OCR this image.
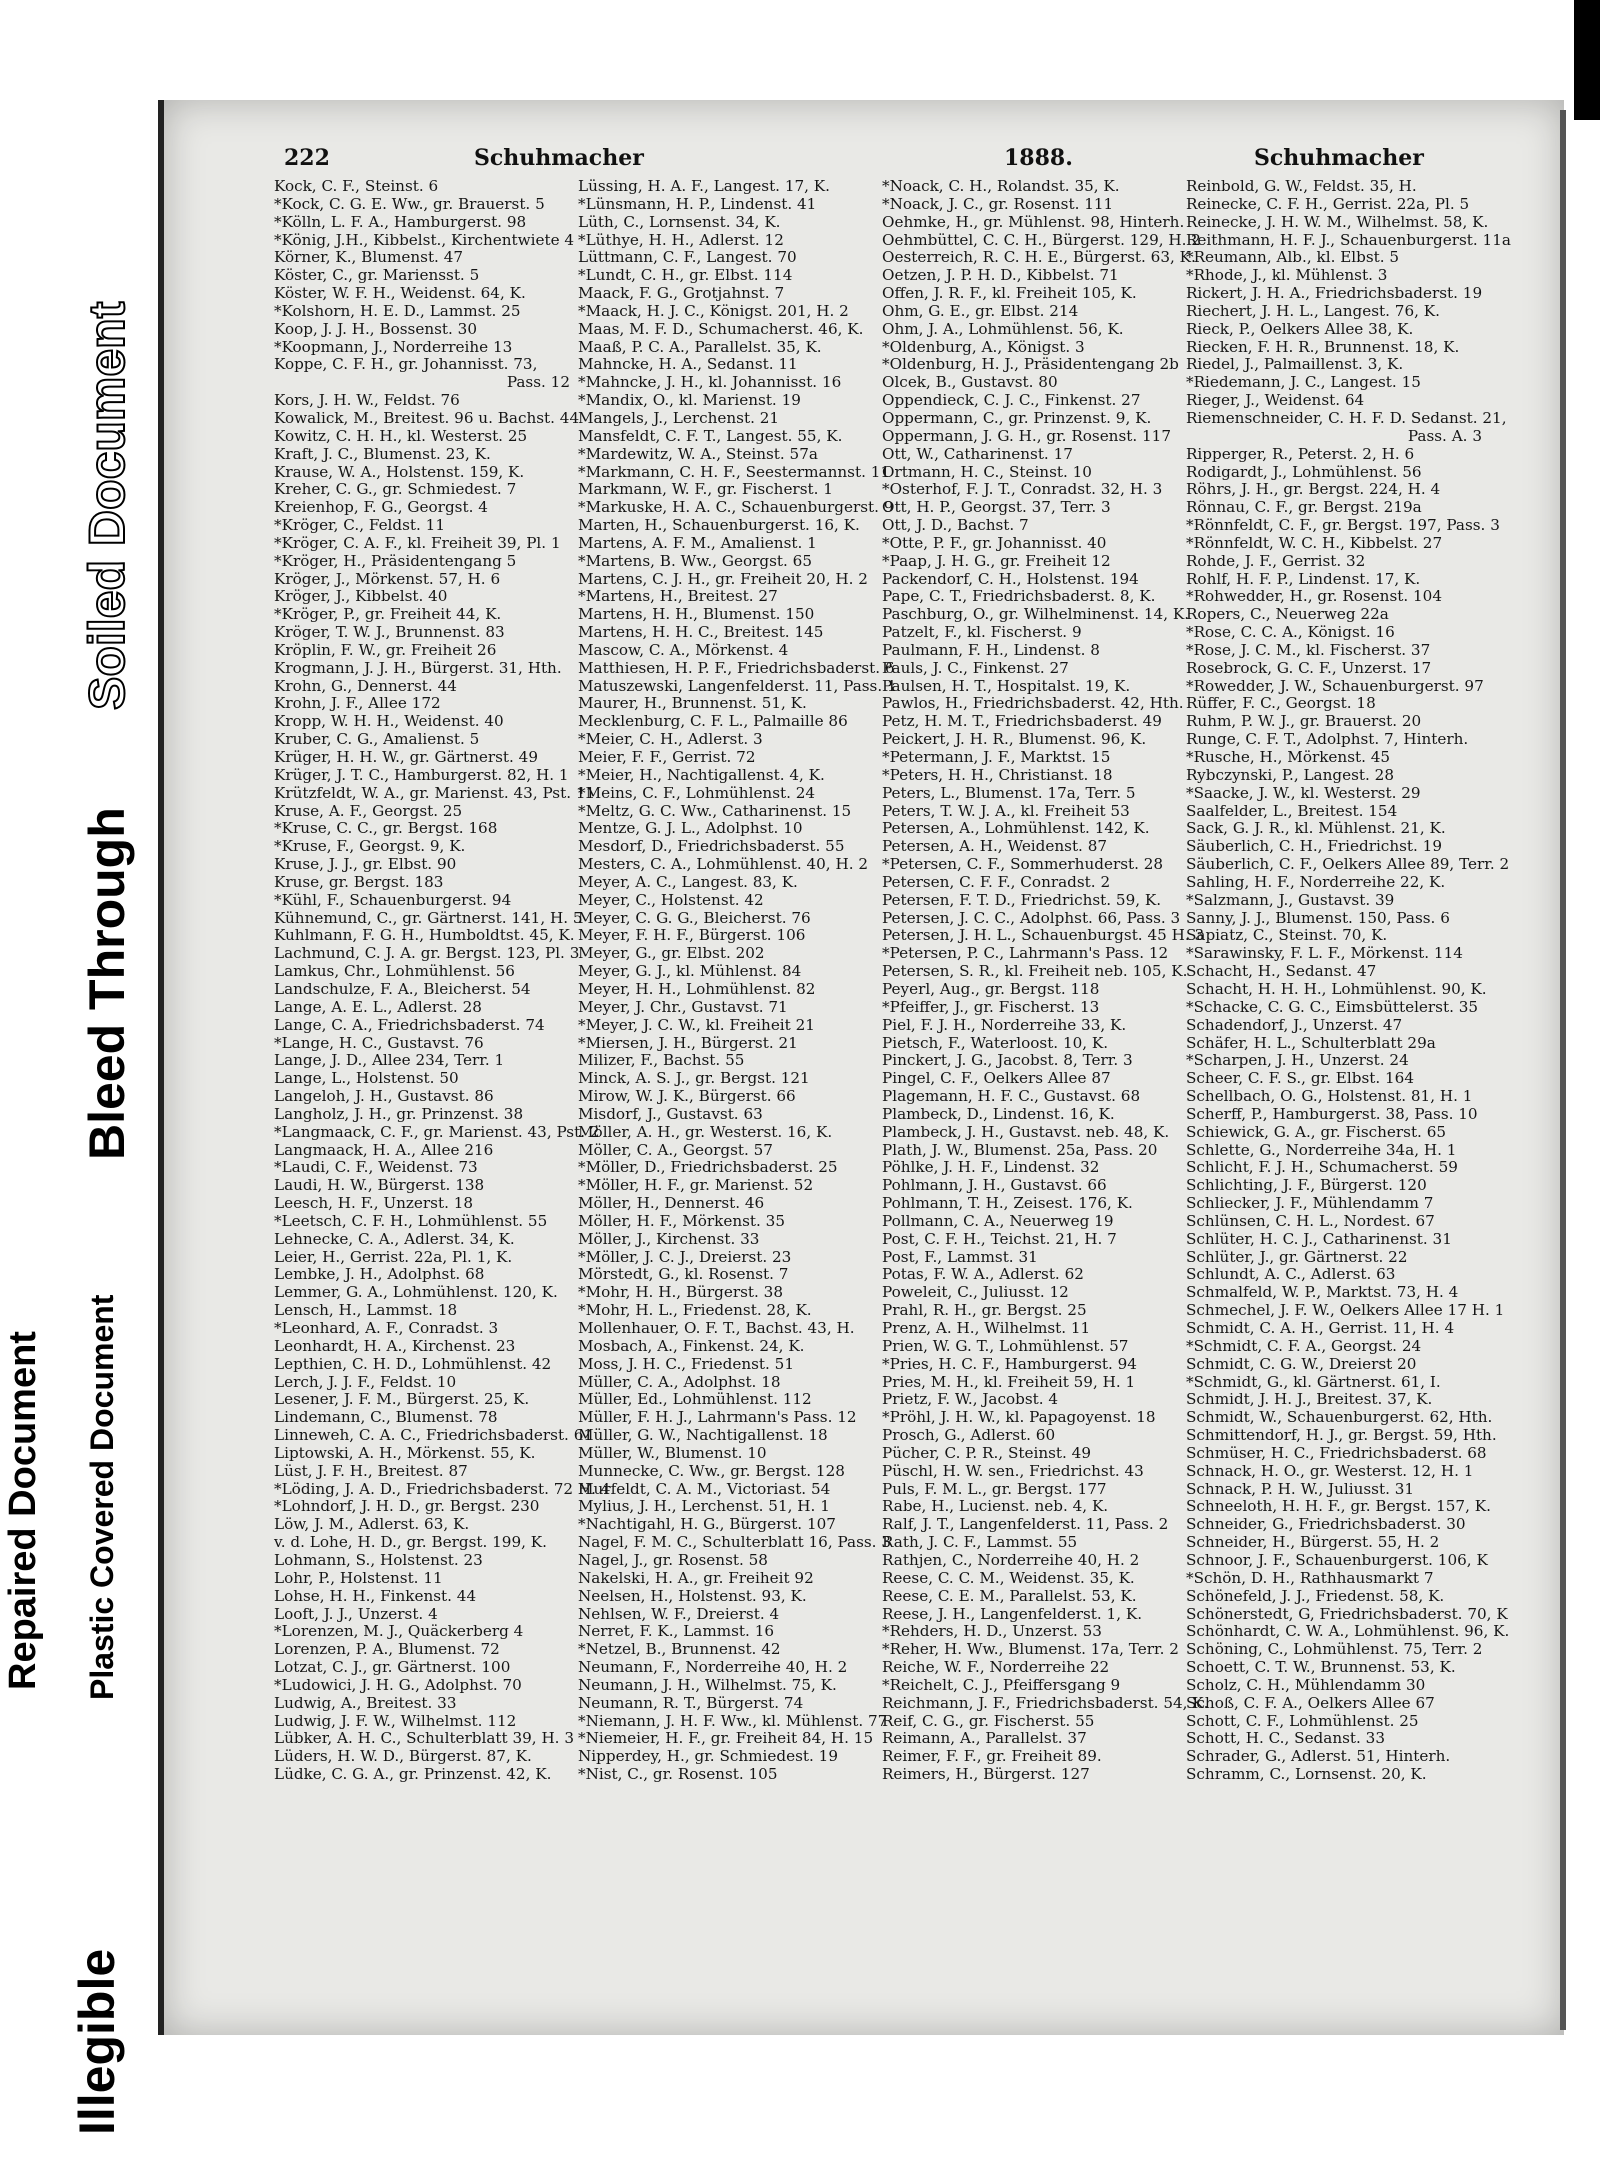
Illegible
Plastic Covered Document
Repaired Document
Bleed Through
Soiled Document
222	Schuhmacher	1888.	Schuhmacher
Kock, C. F., Steinst. 6
*Kock, C. G. E. Ww., gr. Brauerst. 5
*Kölln, L. F. A., Hamburgerst. 98
*König, J.H., Kibbelst., Kirchentwiete 4
Körner, K., Blumenst. 47
Köster, C., gr. Mariensst. 5
Köster, W. F. H., Weidenst. 64, K.
*Kolshorn, H. E. D., Lammst. 25
Koop, J. J. H., Bossenst. 30
*Koopmann, J., Norderreihe 13
Koppe, C. F. H., gr. Johannisst. 73,
Pass. 12
Kors, J. H. W., Feldst. 76
Kowalick, M., Breitest. 96 u. Bachst. 44
Kowitz, C. H. H., kl. Westerst. 25
Kraft, J. C., Blumenst. 23, K.
Krause, W. A., Holstenst. 159, K.
Kreher, C. G., gr. Schmiedest. 7
Kreienhop, F. G., Georgst. 4
*Kröger, C., Feldst. 11
*Kröger, C. A. F., kl. Freiheit 39, Pl. 1
*Kröger, H., Präsidentengang 5
Kröger, J., Mörkenst. 57, H. 6
Kröger, J., Kibbelst. 40
*Kröger, P., gr. Freiheit 44, K.
Kröger, T. W. J., Brunnenst. 83
Kröplin, F. W., gr. Freiheit 26
Krogmann, J. J. H., Bürgerst. 31, Hth.
Krohn, G., Dennerst. 44
Krohn, J. F., Allee 172
Kropp, W. H. H., Weidenst. 40
Kruber, C. G., Amalienst. 5
Krüger, H. H. W., gr. Gärtnerst. 49
Krüger, J. T. C., Hamburgerst. 82, H. 1
Krützfeldt, W. A., gr. Marienst. 43, Pst. 11
Kruse, A. F., Georgst. 25
*Kruse, C. C., gr. Bergst. 168
*Kruse, F., Georgst. 9, K.
Kruse, J. J., gr. Elbst. 90
Kruse, gr. Bergst. 183
*Kühl, F., Schauenburgerst. 94
Kühnemund, C., gr. Gärtnerst. 141, H. 5
Kuhlmann, F. G. H., Humboldtst. 45, K.
Lachmund, C. J. A. gr. Bergst. 123, Pl. 3
Lamkus, Chr., Lohmühlenst. 56
Landschulze, F. A., Bleicherst. 54
Lange, A. E. L., Adlerst. 28
Lange, C. A., Friedrichsbaderst. 74
*Lange, H. C., Gustavst. 76
Lange, J. D., Allee 234, Terr. 1
Lange, L., Holstenst. 50
Langeloh, J. H., Gustavst. 86
Langholz, J. H., gr. Prinzenst. 38
*Langmaack, C. F., gr. Marienst. 43, Pst. 2
Langmaack, H. A., Allee 216
*Laudi, C. F., Weidenst. 73
Laudi, H. W., Bürgerst. 138
Leesch, H. F., Unzerst. 18
*Leetsch, C. F. H., Lohmühlenst. 55
Lehnecke, C. A., Adlerst. 34, K.
Leier, H., Gerrist. 22a, Pl. 1, K.
Lembke, J. H., Adolphst. 68
Lemmer, G. A., Lohmühlenst. 120, K.
Lensch, H., Lammst. 18
*Leonhard, A. F., Conradst. 3
Leonhardt, H. A., Kirchenst. 23
Lepthien, C. H. D., Lohmühlenst. 42
Lerch, J. J. F., Feldst. 10
Lesener, J. F. M., Bürgerst. 25, K.
Lindemann, C., Blumenst. 78
Linneweh, C. A. C., Friedrichsbaderst. 61
Liptowski, A. H., Mörkenst. 55, K.
Lüst, J. F. H., Breitest. 87
*Löding, J. A. D., Friedrichsbaderst. 72 H. 4
*Lohndorf, J. H. D., gr. Bergst. 230
Löw, J. M., Adlerst. 63, K.
v. d. Lohe, H. D., gr. Bergst. 199, K.
Lohmann, S., Holstenst. 23
Lohr, P., Holstenst. 11
Lohse, H. H., Finkenst. 44
Looft, J. J., Unzerst. 4
*Lorenzen, M. J., Quäckerberg 4
Lorenzen, P. A., Blumenst. 72
Lotzat, C. J., gr. Gärtnerst. 100
*Ludowici, J. H. G., Adolphst. 70
Ludwig, A., Breitest. 33
Ludwig, J. F. W., Wilhelmst. 112
Lübker, A. H. C., Schulterblatt 39, H. 3
Lüders, H. W. D., Bürgerst. 87, K.
Lüdke, C. G. A., gr. Prinzenst. 42, K.
Lüssing, H. A. F., Langest. 17, K.
*Lünsmann, H. P., Lindenst. 41
Lüth, C., Lornsenst. 34, K.
*Lüthye, H. H., Adlerst. 12
Lüttmann, C. F., Langest. 70
*Lundt, C. H., gr. Elbst. 114
Maack, F. G., Grotjahnst. 7
*Maack, H. J. C., Königst. 201, H. 2
Maas, M. F. D., Schumacherst. 46, K.
Maaß, P. C. A., Parallelst. 35, K.
Mahncke, H. A., Sedanst. 11
*Mahncke, J. H., kl. Johannisst. 16
*Mandix, O., kl. Marienst. 19
Mangels, J., Lerchenst. 21
Mansfeldt, C. F. T., Langest. 55, K.
*Mardewitz, W. A., Steinst. 57a
*Markmann, C. H. F., Seestermannst. 11
Markmann, W. F., gr. Fischerst. 1
*Markuske, H. A. C., Schauenburgerst. 9
Marten, H., Schauenburgerst. 16, K.
Martens, A. F. M., Amalienst. 1
*Martens, B. Ww., Georgst. 65
Martens, C. J. H., gr. Freiheit 20, H. 2
*Martens, H., Breitest. 27
Martens, H. H., Blumenst. 150
Martens, H. H. C., Breitest. 145
Mascow, C. A., Mörkenst. 4
Matthiesen, H. P. F., Friedrichsbaderst. 6
Matuszewski, Langenfelderst. 11, Pass. 1
Maurer, H., Brunnenst. 51, K.
Mecklenburg, C. F. L., Palmaille 86
*Meier, C. H., Adlerst. 3
Meier, F. F., Gerrist. 72
*Meier, H., Nachtigallenst. 4, K.
*Meins, C. F., Lohmühlenst. 24
*Meltz, G. C. Ww., Catharinenst. 15
Mentze, G. J. L., Adolphst. 10
Mesdorf, D., Friedrichsbaderst. 55
Mesters, C. A., Lohmühlenst. 40, H. 2
Meyer, A. C., Langest. 83, K.
Meyer, C., Holstenst. 42
Meyer, C. G. G., Bleicherst. 76
Meyer, F. H. F., Bürgerst. 106
Meyer, G., gr. Elbst. 202
Meyer, G. J., kl. Mühlenst. 84
Meyer, H. H., Lohmühlenst. 82
Meyer, J. Chr., Gustavst. 71
*Meyer, J. C. W., kl. Freiheit 21
*Miersen, J. H., Bürgerst. 21
Milizer, F., Bachst. 55
Minck, A. S. J., gr. Bergst. 121
Mirow, W. J. K., Bürgerst. 66
Misdorf, J., Gustavst. 63
Möller, A. H., gr. Westerst. 16, K.
Möller, C. A., Georgst. 57
*Möller, D., Friedrichsbaderst. 25
*Möller, H. F., gr. Marienst. 52
Möller, H., Dennerst. 46
Möller, H. F., Mörkenst. 35
Möller, J., Kirchenst. 33
*Möller, J. C. J., Dreierst. 23
Mörstedt, G., kl. Rosenst. 7
*Mohr, H. H., Bürgerst. 38
*Mohr, H. L., Friedenst. 28, K.
Mollenhauer, O. F. T., Bachst. 43, H.
Mosbach, A., Finkenst. 24, K.
Moss, J. H. C., Friedenst. 51
Müller, C. A., Adolphst. 18
Müller, Ed., Lohmühlenst. 112
Müller, F. H. J., Lahrmann's Pass. 12
Müller, G. W., Nachtigallenst. 18
Müller, W., Blumenst. 10
Munnecke, C. Ww., gr. Bergst. 128
Murfeldt, C. A. M., Victoriast. 54
Mylius, J. H., Lerchenst. 51, H. 1
*Nachtigahl, H. G., Bürgerst. 107
Nagel, F. M. C., Schulterblatt 16, Pass. 3
Nagel, J., gr. Rosenst. 58
Nakelski, H. A., gr. Freiheit 92
Neelsen, H., Holstenst. 93, K.
Nehlsen, W. F., Dreierst. 4
Nerret, F. K., Lammst. 16
*Netzel, B., Brunnenst. 42
Neumann, F., Norderreihe 40, H. 2
Neumann, J. H., Wilhelmst. 75, K.
Neumann, R. T., Bürgerst. 74
*Niemann, J. H. F. Ww., kl. Mühlenst. 77
*Niemeier, H. F., gr. Freiheit 84, H. 15
Nipperdey, H., gr. Schmiedest. 19
*Nist, C., gr. Rosenst. 105
*Noack, C. H., Rolandst. 35, K.
*Noack, J. C., gr. Rosenst. 111
Oehmke, H., gr. Mühlenst. 98, Hinterh.
Oehmbüttel, C. C. H., Bürgerst. 129, H. 2
Oesterreich, R. C. H. E., Bürgerst. 63, K.
Oetzen, J. P. H. D., Kibbelst. 71
Offen, J. R. F., kl. Freiheit 105, K.
Ohm, G. E., gr. Elbst. 214
Ohm, J. A., Lohmühlenst. 56, K.
*Oldenburg, A., Königst. 3
*Oldenburg, H. J., Präsidentengang 2b
Olcek, B., Gustavst. 80
Oppendieck, C. J. C., Finkenst. 27
Oppermann, C., gr. Prinzenst. 9, K.
Oppermann, J. G. H., gr. Rosenst. 117
Ott, W., Catharinenst. 17
Ortmann, H. C., Steinst. 10
*Osterhof, F. J. T., Conradst. 32, H. 3
Ott, H. P., Georgst. 37, Terr. 3
Ott, J. D., Bachst. 7
*Otte, P. F., gr. Johannisst. 40
*Paap, J. H. G., gr. Freiheit 12
Packendorf, C. H., Holstenst. 194
Pape, C. T., Friedrichsbaderst. 8, K.
Paschburg, O., gr. Wilhelminenst. 14, K.
Patzelt, F., kl. Fischerst. 9
Paulmann, F. H., Lindenst. 8
Pauls, J. C., Finkenst. 27
Paulsen, H. T., Hospitalst. 19, K.
Pawlos, H., Friedrichsbaderst. 42, Hth.
Petz, H. M. T., Friedrichsbaderst. 49
Peickert, J. H. R., Blumenst. 96, K.
*Petermann, J. F., Marktst. 15
*Peters, H. H., Christianst. 18
Peters, L., Blumenst. 17a, Terr. 5
Peters, T. W. J. A., kl. Freiheit 53
Petersen, A., Lohmühlenst. 142, K.
Petersen, A. H., Weidenst. 87
*Petersen, C. F., Sommerhuderst. 28
Petersen, C. F. F., Conradst. 2
Petersen, F. T. D., Friedrichst. 59, K.
Petersen, J. C. C., Adolphst. 66, Pass. 3
Petersen, J. H. L., Schauenburgst. 45 H. 3
*Petersen, P. C., Lahrmann's Pass. 12
Petersen, S. R., kl. Freiheit neb. 105, K.
Peyerl, Aug., gr. Bergst. 118
*Pfeiffer, J., gr. Fischerst. 13
Piel, F. J. H., Norderreihe 33, K.
Pietsch, F., Waterloost. 10, K.
Pinckert, J. G., Jacobst. 8, Terr. 3
Pingel, C. F., Oelkers Allee 87
Plagemann, H. F. C., Gustavst. 68
Plambeck, D., Lindenst. 16, K.
Plambeck, J. H., Gustavst. neb. 48, K.
Plath, J. W., Blumenst. 25a, Pass. 20
Pöhlke, J. H. F., Lindenst. 32
Pohlmann, J. H., Gustavst. 66
Pohlmann, T. H., Zeisest. 176, K.
Pollmann, C. A., Neuerweg 19
Post, C. F. H., Teichst. 21, H. 7
Post, F., Lammst. 31
Potas, F. W. A., Adlerst. 62
Poweleit, C., Juliusst. 12
Prahl, R. H., gr. Bergst. 25
Prenz, A. H., Wilhelmst. 11
Prien, W. G. T., Lohmühlenst. 57
*Pries, H. C. F., Hamburgerst. 94
Pries, M. H., kl. Freiheit 59, H. 1
Prietz, F. W., Jacobst. 4
*Pröhl, J. H. W., kl. Papagoyenst. 18
Prosch, G., Adlerst. 60
Pücher, C. P. R., Steinst. 49
Püschl, H. W. sen., Friedrichst. 43
Puls, F. M. L., gr. Bergst. 177
Rabe, H., Lucienst. neb. 4, K.
Ralf, J. T., Langenfelderst. 11, Pass. 2
Rath, J. C. F., Lammst. 55
Rathjen, C., Norderreihe 40, H. 2
Reese, C. C. M., Weidenst. 35, K.
Reese, C. E. M., Parallelst. 53, K.
Reese, J. H., Langenfelderst. 1, K.
*Rehders, H. D., Unzerst. 53
*Reher, H. Ww., Blumenst. 17a, Terr. 2
Reiche, W. F., Norderreihe 22
*Reichelt, C. J., Pfeiffersgang 9
Reichmann, J. F., Friedrichsbaderst. 54, K.
Reif, C. G., gr. Fischerst. 55
Reimann, A., Parallelst. 37
Reimer, F. F., gr. Freiheit 89.
Reimers, H., Bürgerst. 127
Reinbold, G. W., Feldst. 35, H.
Reinecke, C. F. H., Gerrist. 22a, Pl. 5
Reinecke, J. H. W. M., Wilhelmst. 58, K.
Reithmann, H. F. J., Schauenburgerst. 11a
*Reumann, Alb., kl. Elbst. 5
*Rhode, J., kl. Mühlenst. 3
Rickert, J. H. A., Friedrichsbaderst. 19
Riechert, J. H. L., Langest. 76, K.
Rieck, P., Oelkers Allee 38, K.
Riecken, F. H. R., Brunnenst. 18, K.
Riedel, J., Palmaillenst. 3, K.
*Riedemann, J. C., Langest. 15
Rieger, J., Weidenst. 64
Riemenschneider, C. H. F. D. Sedanst. 21,
Pass. A. 3
Ripperger, R., Peterst. 2, H. 6
Rodigardt, J., Lohmühlenst. 56
Röhrs, J. H., gr. Bergst. 224, H. 4
Rönnau, C. F., gr. Bergst. 219a
*Rönnfeldt, C. F., gr. Bergst. 197, Pass. 3
*Rönnfeldt, W. C. H., Kibbelst. 27
Rohde, J. F., Gerrist. 32
Rohlf, H. F. P., Lindenst. 17, K.
*Rohwedder, H., gr. Rosenst. 104
Ropers, C., Neuerweg 22a
*Rose, C. C. A., Königst. 16
*Rose, J. C. M., kl. Fischerst. 37
Rosebrock, G. C. F., Unzerst. 17
*Rowedder, J. W., Schauenburgerst. 97
Rüffer, F. C., Georgst. 18
Ruhm, P. W. J., gr. Brauerst. 20
Runge, C. F. T., Adolphst. 7, Hinterh.
*Rusche, H., Mörkenst. 45
Rybczynski, P., Langest. 28
*Saacke, J. W., kl. Westerst. 29
Saalfelder, L., Breitest. 154
Sack, G. J. R., kl. Mühlenst. 21, K.
Säuberlich, C. H., Friedrichst. 19
Säuberlich, C. F., Oelkers Allee 89, Terr. 2
Sahling, H. F., Norderreihe 22, K.
*Salzmann, J., Gustavst. 39
Sanny, J. J., Blumenst. 150, Pass. 6
Sapiatz, C., Steinst. 70, K.
*Sarawinsky, F. L. F., Mörkenst. 114
Schacht, H., Sedanst. 47
Schacht, H. H. H., Lohmühlenst. 90, K.
*Schacke, C. G. C., Eimsbüttelerst. 35
Schadendorf, J., Unzerst. 47
Schäfer, H. L., Schulterblatt 29a
*Scharpen, J. H., Unzerst. 24
Scheer, C. F. S., gr. Elbst. 164
Schellbach, O. G., Holstenst. 81, H. 1
Scherff, P., Hamburgerst. 38, Pass. 10
Schiewick, G. A., gr. Fischerst. 65
Schlette, G., Norderreihe 34a, H. 1
Schlicht, F. J. H., Schumacherst. 59
Schlichting, J. F., Bürgerst. 120
Schliecker, J. F., Mühlendamm 7
Schlünsen, C. H. L., Nordest. 67
Schlüter, H. C. J., Catharinenst. 31
Schlüter, J., gr. Gärtnerst. 22
Schlundt, A. C., Adlerst. 63
Schmalfeld, W. P., Marktst. 73, H. 4
Schmechel, J. F. W., Oelkers Allee 17 H. 1
Schmidt, C. A. H., Gerrist. 11, H. 4
*Schmidt, C. F. A., Georgst. 24
Schmidt, C. G. W., Dreierst 20
*Schmidt, G., kl. Gärtnerst. 61, I.
Schmidt, J. H. J., Breitest. 37, K.
Schmidt, W., Schauenburgerst. 62, Hth.
Schmittendorf, H. J., gr. Bergst. 59, Hth.
Schmüser, H. C., Friedrichsbaderst. 68
Schnack, H. O., gr. Westerst. 12, H. 1
Schnack, P. H. W., Juliusst. 31
Schneeloth, H. H. F., gr. Bergst. 157, K.
Schneider, G., Friedrichsbaderst. 30
Schneider, H., Bürgerst. 55, H. 2
Schnoor, J. F., Schauenburgerst. 106, K
*Schön, D. H., Rathhausmarkt 7
Schönefeld, J. J., Friedenst. 58, K.
Schönerstedt, G, Friedrichsbaderst. 70, K
Schönhardt, C. W. A., Lohmühlenst. 96, K.
Schöning, C., Lohmühlenst. 75, Terr. 2
Schoett, C. T. W., Brunnenst. 53, K.
Scholz, C. H., Mühlendamm 30
Schoß, C. F. A., Oelkers Allee 67
Schott, C. F., Lohmühlenst. 25
Schott, H. C., Sedanst. 33
Schrader, G., Adlerst. 51, Hinterh.
Schramm, C., Lornsenst. 20, K.
